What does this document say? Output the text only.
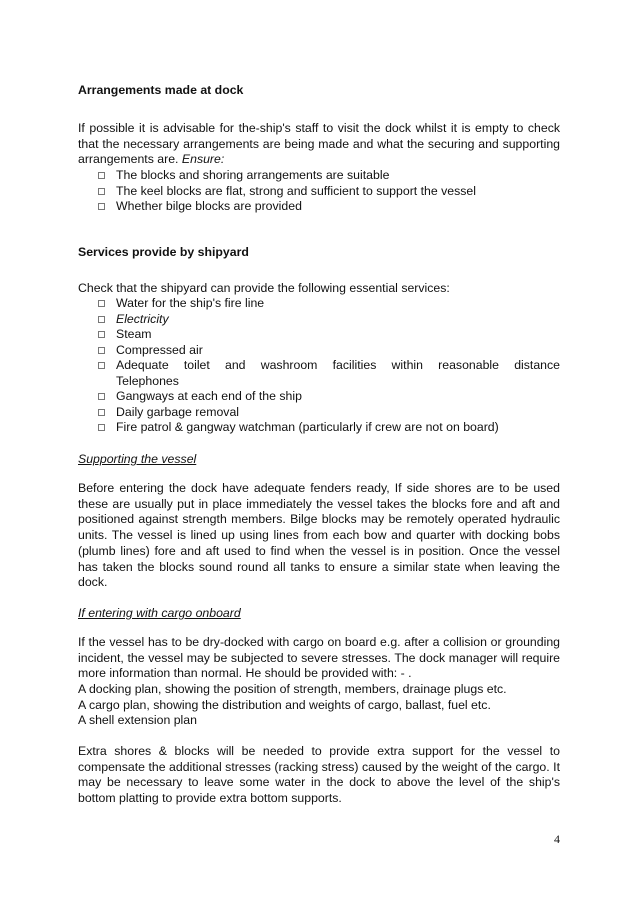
Arrangements made at dock

If possible it is advisable for the-ship's staff to visit the dock whilst it is empty to check that the necessary arrangements are being made and what the securing and supporting arrangements are. Ensure:

The blocks and shoring arrangements are suitable
The keel blocks are flat, strong and sufficient to support the vessel
Whether bilge blocks are provided
Services provide by shipyard

Check that the shipyard can provide the following essential services:

Water for the ship's fire line
Electricity
Steam
Compressed air
Adequate toilet and washroom facilities within reasonable distance
Telephones
Gangways at each end of the ship
Daily garbage removal
Fire patrol & gangway watchman (particularly if crew are not on board)
Supporting the vessel

Before entering the dock have adequate fenders ready, If side shores are to be used these are usually put in place immediately the vessel takes the blocks fore and aft and positioned against strength members. Bilge blocks may be remotely operated hydraulic units. The vessel is lined up using lines from each bow and quarter with docking bobs (plumb lines) fore and aft used to find when the vessel is in position. Once the vessel has taken the blocks sound round all tanks to ensure a similar state when leaving the dock.

If entering with cargo onboard

If the vessel has to be dry-docked with cargo on board e.g. after a collision or grounding incident, the vessel may be subjected to severe stresses. The dock manager will require more information than normal. He should be provided with: - .

A docking plan, showing the position of strength, members, drainage plugs etc.
A cargo plan, showing the distribution and weights of cargo, ballast, fuel etc.
A shell extension plan

Extra shores & blocks will be needed to provide extra support for the vessel to compensate the additional stresses (racking stress) caused by the weight of the cargo. It may be necessary to leave some water in the dock to above the level of the ship's bottom platting to provide extra bottom supports.

4
